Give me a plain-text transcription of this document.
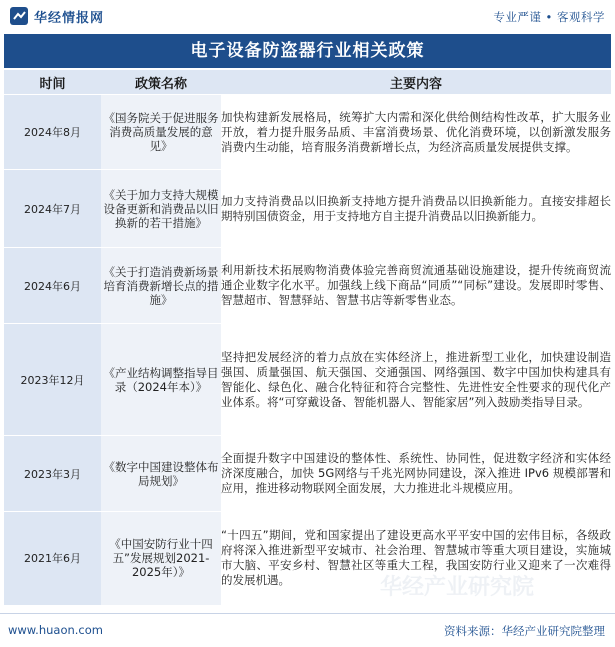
华经情报网	专业严谨 • 客观科学
电子设备防盗器行业相关政策
时间	政策名称	主要内容
2024年8月	《国务院关于促进服务消费高质量发展的意见》	加快构建新发展格局，统筹扩大内需和深化供给侧结构性改革，扩大服务业开放，着力提升服务品质、丰富消费场景、优化消费环境，以创新激发服务消费内生动能，培育服务消费新增长点，为经济高质量发展提供支撑。
2024年7月	《关于加力支持大规模设备更新和消费品以旧换新的若干措施》	加力支持消费品以旧换新支持地方提升消费品以旧换新能力。直接安排超长期特别国债资金，用于支持地方自主提升消费品以旧换新能力。
2024年6月	《关于打造消费新场景培育消费新增长点的措施》	利用新技术拓展购物消费体验完善商贸流通基础设施建设，提升传统商贸流通企业数字化水平。加强线上线下商品“同质”“同标”建设。发展即时零售、智慧超市、智慧驿站、智慧书店等新零售业态。
2023年12月	《产业结构调整指导目录（2024年本）》	坚持把发展经济的着力点放在实体经济上，推进新型工业化，加快建设制造强国、质量强国、航天强国、交通强国、网络强国、数字中国加快构建具有智能化、绿色化、融合化特征和符合完整性、先进性安全性要求的现代化产业体系。将“可穿戴设备、智能机器人、智能家居”列入鼓励类指导目录。
2023年3月	《数字中国建设整体布局规划》	全面提升数字中国建设的整体性、系统性、协同性，促进数字经济和实体经济深度融合，加快 5G网络与千兆光网协同建设，深入推进 IPv6 规模部署和应用，推进移动物联网全面发展，大力推进北斗规模应用。
2021年6月	《中国安防行业十四五”发展规划2021-2025年）》	“十四五”期间，党和国家提出了建设更高水平平安中国的宏伟目标，各级政府将深入推进新型平安城市、社会治理、智慧城市等重大项目建设，实施城市大脑、平安乡村、智慧社区等重大工程，我国安防行业又迎来了一次难得的发展机遇。
www.huaon.com	资料来源：华经产业研究院整理
